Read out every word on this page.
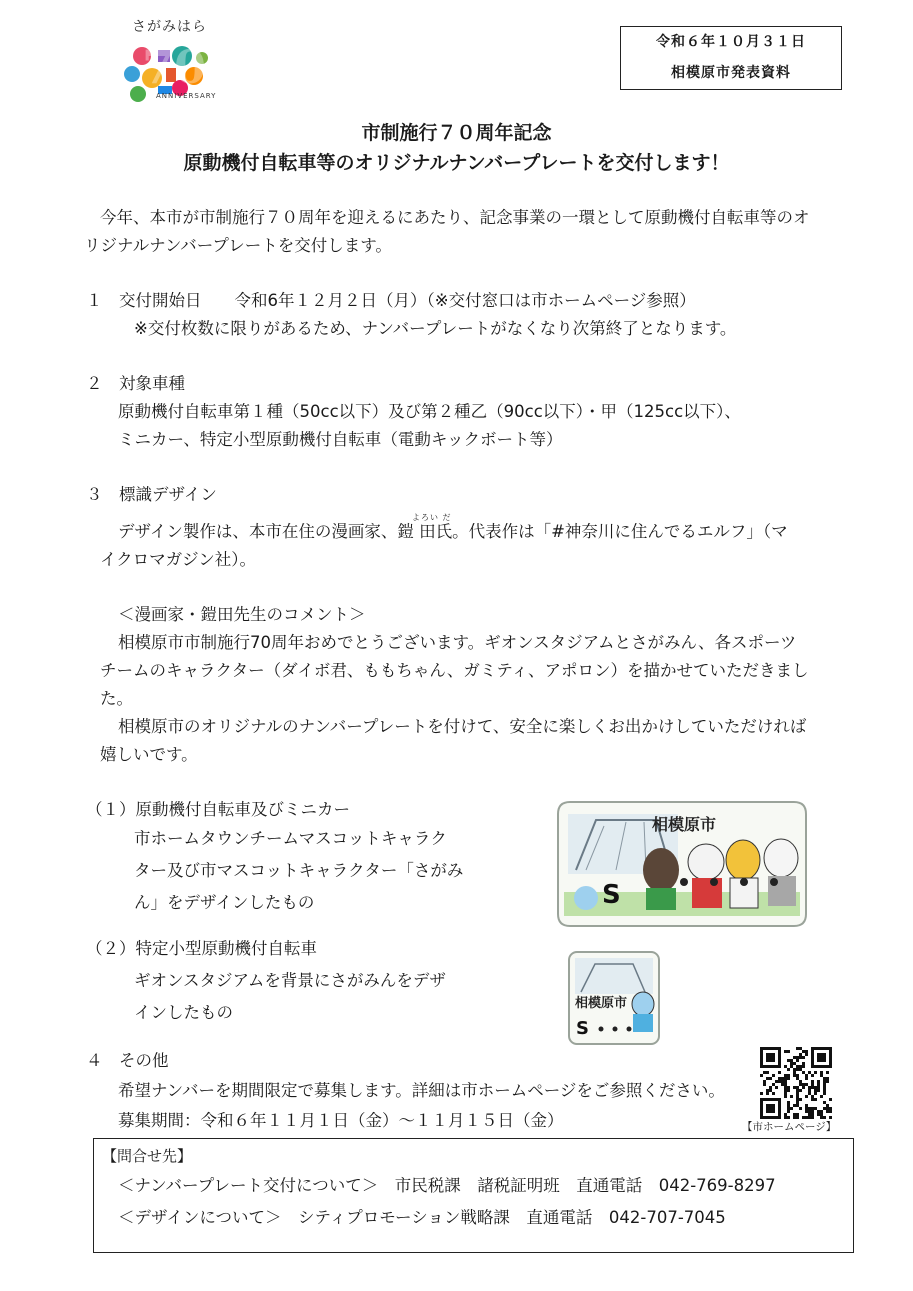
さがみはら
70
ANNIVERSARY
令和６年１０月３１日
相模原市発表資料
市制施行７０周年記念
原動機付自転車等のオリジナルナンバープレートを交付します！
今年、本市が市制施行７０周年を迎えるにあたり、記念事業の一環として原動機付自転車等のオ
リジナルナンバープレートを交付します。
１　交付開始日　　令和6年１２月２日（月）（※交付窓口は市ホームページ参照）
※交付枚数に限りがあるため、ナンバープレートがなくなり次第終了となります。
２　対象車種
原動機付自転車第１種（50cc以下）及び第２種乙（90cc以下）・甲（125cc以下）、
ミニカー、特定小型原動機付自転車（電動キックボート等）
３　標識デザイン
よろい だ
デザイン製作は、本市在住の漫画家、鎧 田氏。代表作は「#神奈川に住んでるエルフ」（マ
イクロマガジン社）。
＜漫画家・鎧田先生のコメント＞
相模原市市制施行70周年おめでとうございます。ギオンスタジアムとさがみん、各スポーツ
チームのキャラクター（ダイボ君、ももちゃん、ガミティ、アポロン）を描かせていただきまし
た。
相模原市のオリジナルのナンバープレートを付けて、安全に楽しくお出かけしていただければ
嬉しいです。
（１）原動機付自転車及びミニカー
市ホームタウンチームマスコットキャラク
ター及び市マスコットキャラクター「さがみ
ん」をデザインしたもの
相模原市
S
（２）特定小型原動機付自転車
ギオンスタジアムを背景にさがみんをデザ
インしたもの	相模原市
S
４　その他
希望ナンバーを期間限定で募集します。詳細は市ホームページをご参照ください。
募集期間：令和６年１１月１日（金）～１１月１５日（金）	【市ホームページ】
【問合せ先】
＜ナンバープレート交付について＞　市民税課　諸税証明班　直通電話　042-769-8297
＜デザインについて＞　シティプロモーション戦略課　直通電話　042-707-7045
